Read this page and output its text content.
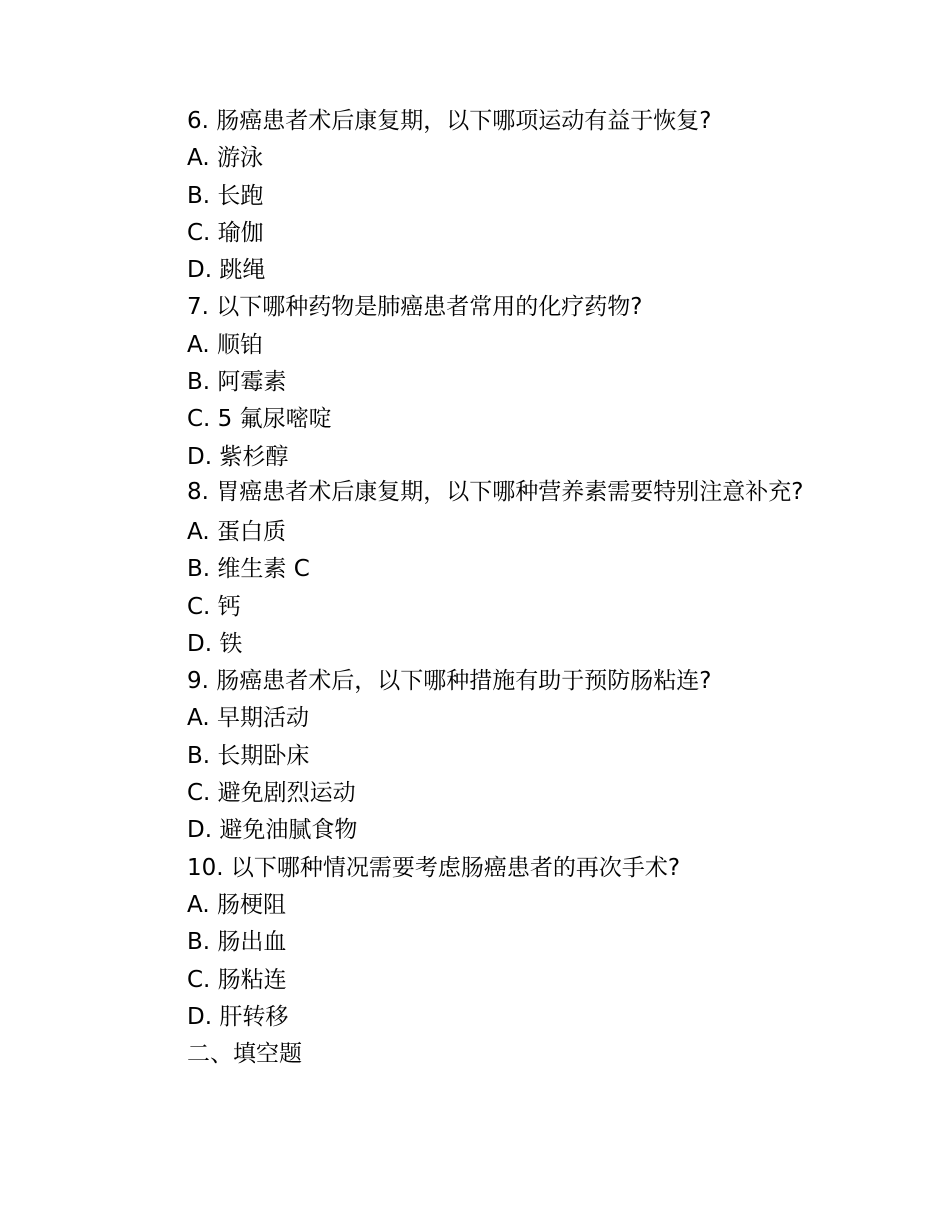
6. 肠癌患者术后康复期，以下哪项运动有益于恢复?
A. 游泳
B. 长跑
C. 瑜伽
D. 跳绳
7. 以下哪种药物是肺癌患者常用的化疗药物?
A. 顺铂
B. 阿霉素
C. 5 氟尿嘧啶
D. 紫杉醇
8. 胃癌患者术后康复期，以下哪种营养素需要特别注意补充?
A. 蛋白质
B. 维生素 C
C. 钙
D. 铁
9. 肠癌患者术后，以下哪种措施有助于预防肠粘连?
A. 早期活动
B. 长期卧床
C. 避免剧烈运动
D. 避免油腻食物
10. 以下哪种情况需要考虑肠癌患者的再次手术?
A. 肠梗阻
B. 肠出血
C. 肠粘连
D. 肝转移
二、填空题
